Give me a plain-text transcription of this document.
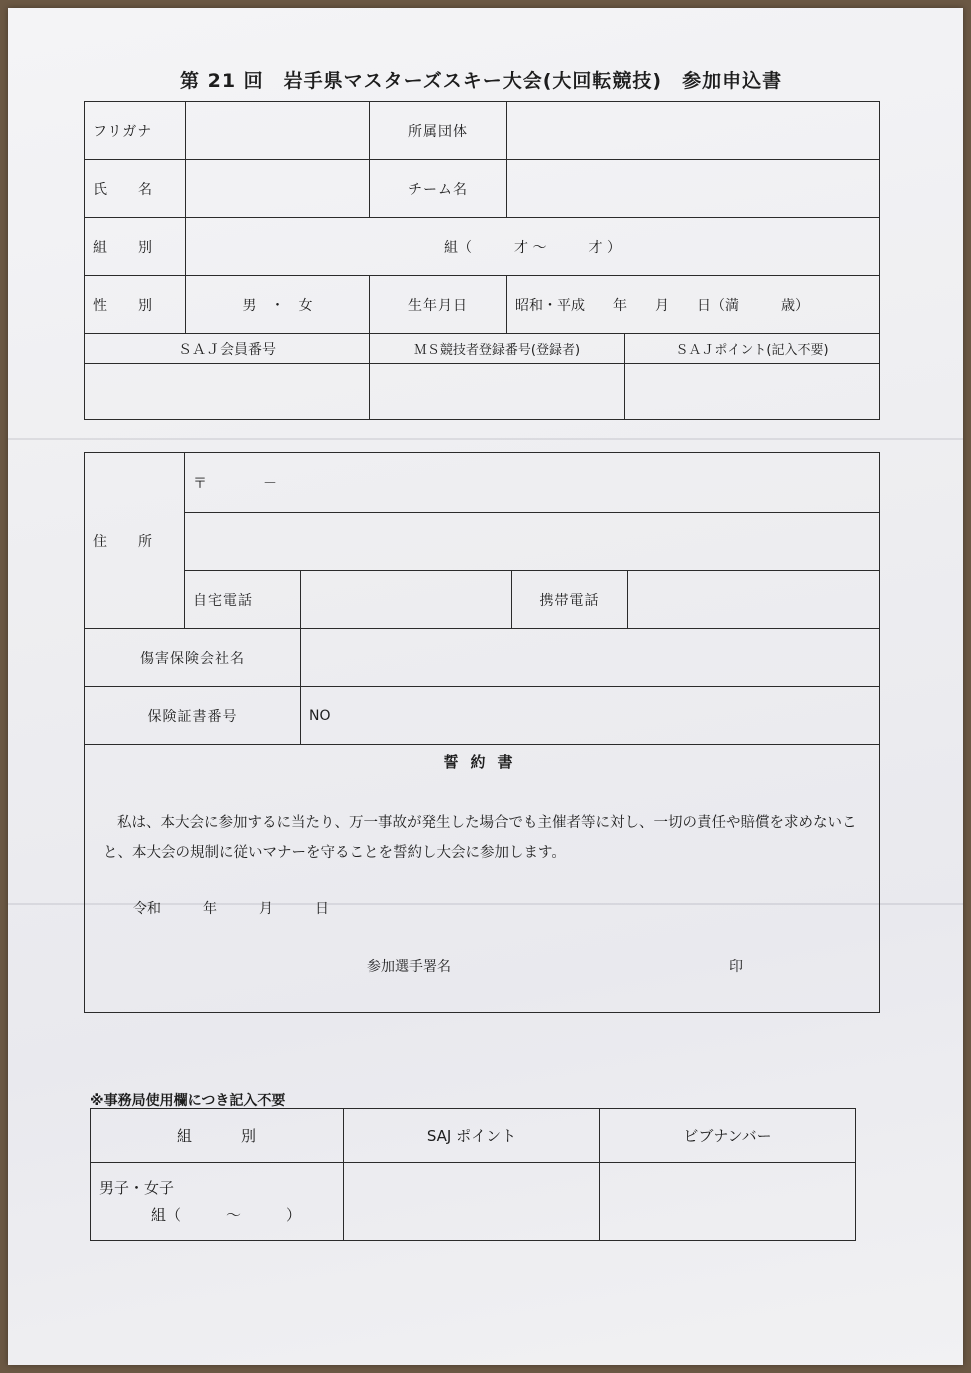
第 21 回　岩手県マスターズスキー大会(大回転競技)　参加申込書
フリガナ		所属団体		
氏　　名		チーム名		
組　　別	組（　　　才 ～　　　才 ）			
性　　別	男　・　女	生年月日	昭和・平成　　年　　月　　日（満　　　歳）	
ＳＡＪ会員番号		ＭＳ競技者登録番号(登録者)		ＳＡＪポイント(記入不要)

住　　所	〒　　　　－			

	自宅電話		携帯電話	
傷害保険会社名				
保険証書番号		NO		

誓約書
私は、本大会に参加するに当たり、万一事故が発生した場合でも主催者等に対し、一切の責任や賠償を求めないこと、本大会の規制に従いマナーを守ることを誓約し大会に参加します。
令和　　　年　　　月　　　日
参加選手署名 印				
※事務局使用欄につき記入不要
組　　　別	SAJ ポイント	ビブナンバー

男子・女子
組（　　　～　　　）		
